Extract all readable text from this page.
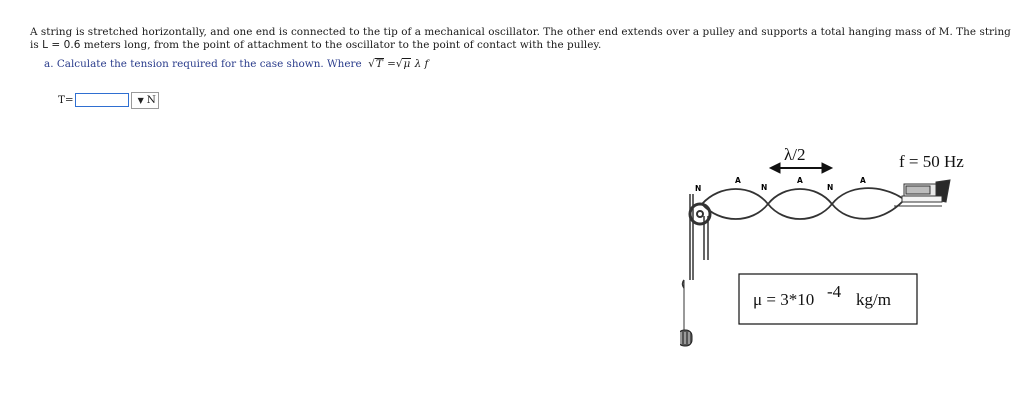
A string is stretched horizontally, and one end is connected to the tip of a mechanical oscillator. The other end extends over a pulley and supports a total hanging mass of M. The string is L = 0.6 meters long, from the point of attachment to the oscillator to the point of contact with the pulley.
a. Calculate the tension required for the case shown. Where  √T =√μ λ f
T=	▼ N
λ/2	f = 50 Hz
N
A
N
A
N
A
μ = 3*10 -4 kg/m
